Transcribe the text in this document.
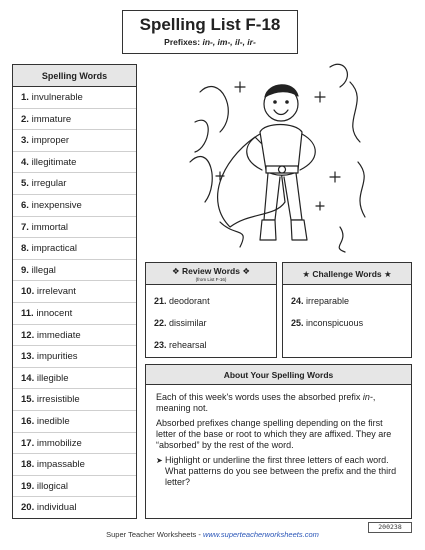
Spelling List F-18
Prefixes: in-, im-, il-, ir-
Spelling Words
1. invulnerable
2. immature
3. improper
4. illegitimate
5. irregular
6. inexpensive
7. immortal
8. impractical
9. illegal
10. irrelevant
11. innocent
12. immediate
13. impurities
14. illegible
15. irresistible
16. inedible
17. immobilize
18. impassable
19. illogical
20. individual
❖ Review Words ❖
(from List F-16)
21. deodorant
22. dissimilar
23. rehearsal
★ Challenge Words ★
24. irreparable
25. inconspicuous
About Your Spelling Words

Each of this week's words uses the absorbed prefix in-, meaning not.

Absorbed prefixes change spelling depending on the first letter of the base or root to which they are affixed. They are “absorbed” by the rest of the word.

➤ Highlight or underline the first three letters of each word. What patterns do you see between the prefix and the third letter?
Super Teacher Worksheets - www.superteacherworksheets.com
200238
